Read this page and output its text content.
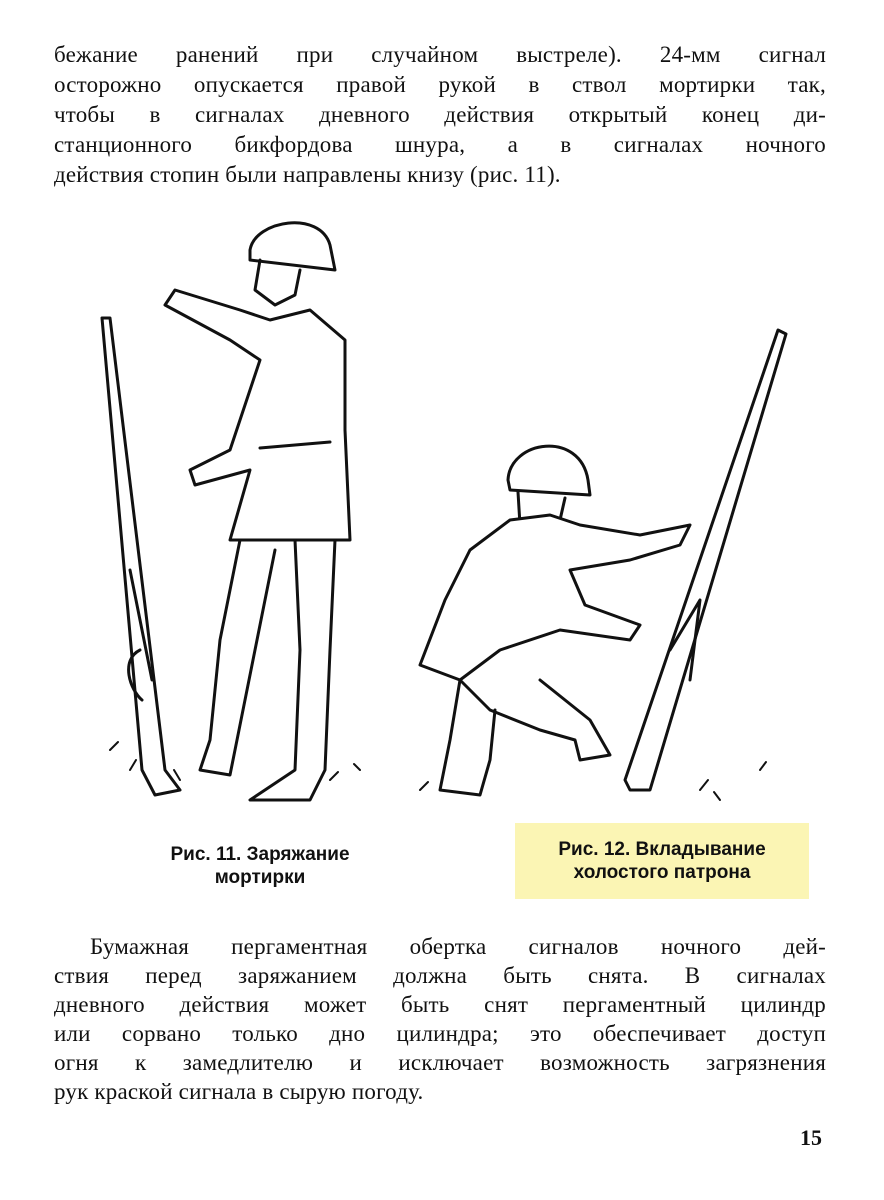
бежание ранений при случайном выстреле). 24-мм сигнал
осторожно опускается правой рукой в ствол мортирки так,
чтобы в сигналах дневного действия открытый конец ди-
станционного бикфордова шнура, а в сигналах ночного
действия стопин были направлены книзу (рис. 11).
Рис. 11. Заряжание
мортирки
Рис. 12. Вкладывание
холостого патрона
Бумажная пергаментная обертка сигналов ночного дей-
ствия перед заряжанием должна быть снята. В сигналах
дневного действия может быть снят пергаментный цилиндр
или сорвано только дно цилиндра; это обеспечивает доступ
огня к замедлителю и исключает возможность загрязнения
рук краской сигнала в сырую погоду.
15
